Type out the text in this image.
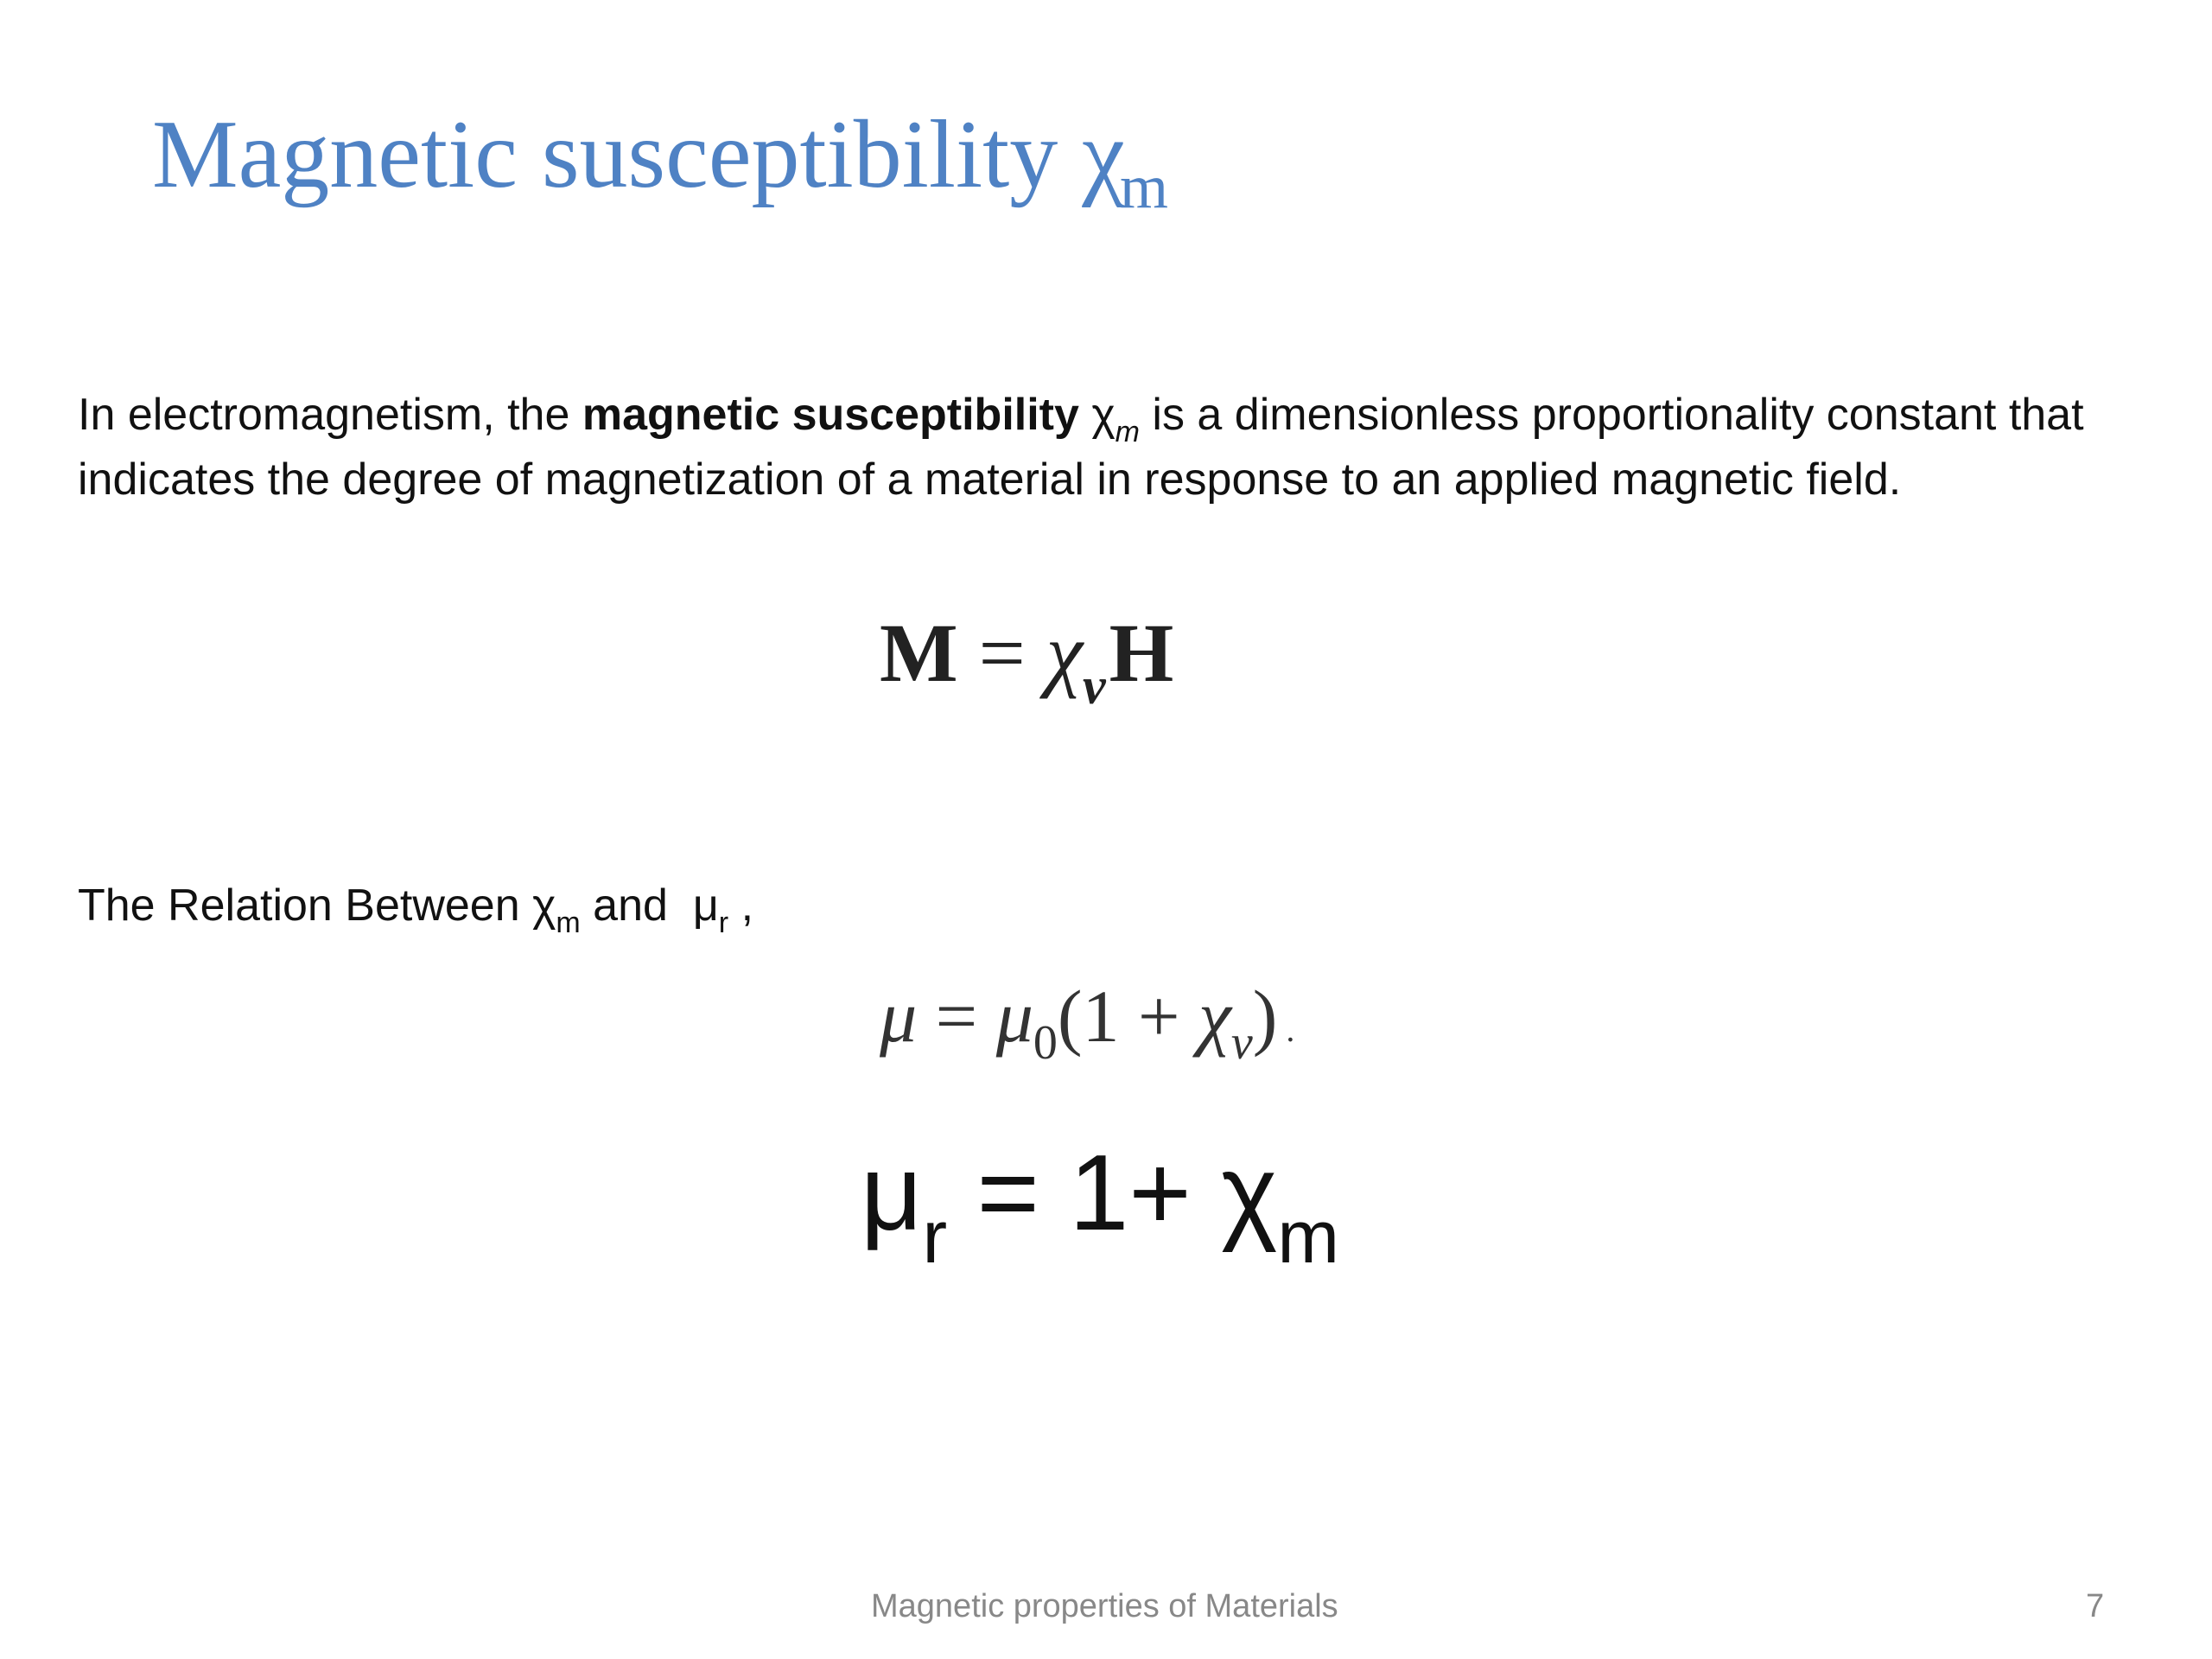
Magnetic susceptibility $\chi_m$

In electromagnetism, the magnetic susceptibility $\chi_m$ is a dimensionless proportionality constant that indicates the degree of magnetization of a material in response to an applied magnetic field.

$M = \chi_vH$
The Relation Between $\chi_m$ and  $\mu_r$ ,
$\mu = \mu_0(1 + \chi_v)$ .
$\mu_r = 1+ \chi_m$
Magnetic properties of Materials	7
